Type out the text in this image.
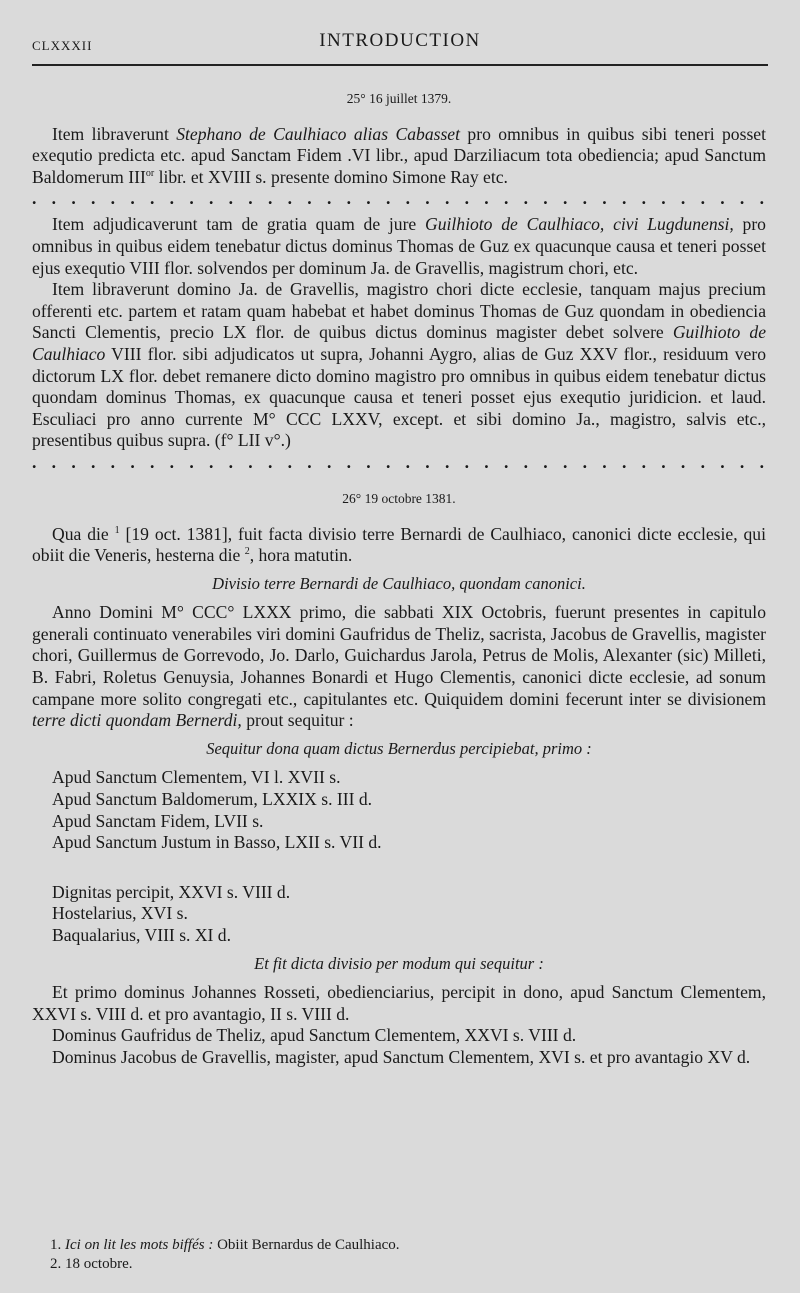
CLXXXII	INTRODUCTION

25° 16 juillet 1379.

Item libraverunt Stephano de Caulhiaco alias Cabasset pro omnibus in quibus sibi teneri posset exequtio predicta etc. apud Sanctam Fidem .VI libr., apud Darziliacum tota obediencia; apud Sanctum Baldomerum $III^{or}$ libr. et XVIII s. presente domino Simone Ray etc.

. . . . . . . . . . . . . . . . . . . . . . . . . . . . . . . . . . . . . .

Item adjudicaverunt tam de gratia quam de jure Guilhioto de Caulhiaco, civi Lugdunensi, pro omnibus in quibus eidem tenebatur dictus dominus Thomas de Guz ex quacunque causa et teneri posset ejus exequtio VIII flor. solvendos per dominum Ja. de Gravellis, magistrum chori, etc.

Item libraverunt domino Ja. de Gravellis, magistro chori dicte ecclesie, tanquam majus precium offerenti etc. partem et ratam quam habebat et habet dominus Thomas de Guz quondam in obediencia Sancti Clementis, precio LX flor. de quibus dictus dominus magister debet solvere Guilhioto de Caulhiaco VIII flor. sibi adjudicatos ut supra, Johanni Aygro, alias de Guz XXV flor., residuum vero dictorum LX flor. debet remanere dicto domino magistro pro omnibus in quibus eidem tenebatur dictus quondam dominus Thomas, ex quacunque causa et teneri posset ejus exequtio juridicion. et laud. Esculiaci pro anno currente M° CCC LXXV, except. et sibi domino Ja., magistro, salvis etc., presentibus quibus supra. (f° LII v°.)

. . . . . . . . . . . . . . . . . . . . . . . . . . . . . . . . . . . . . .

26° 19 octobre 1381.

Qua die $^1$ [19 oct. 1381], fuit facta divisio terre Bernardi de Caulhiaco, canonici dicte ecclesie, qui obiit die Veneris, hesterna die $^2$, hora matutin.

Divisio terre Bernardi de Caulhiaco, quondam canonici.

Anno Domini M° CCC° LXXX primo, die sabbati XIX Octobris, fuerunt presentes in capitulo generali continuato venerabiles viri domini Gaufridus de Theliz, sacrista, Jacobus de Gravellis, magister chori, Guillermus de Gorrevodo, Jo. Darlo, Guichardus Jarola, Petrus de Molis, Alexanter (sic) Milleti, B. Fabri, Roletus Genuysia, Johannes Bonardi et Hugo Clementis, canonici dicte ecclesie, ad sonum campane more solito congregati etc., capitulantes etc. Quiquidem domini fecerunt inter se divisionem terre dicti quondam Bernerdi, prout sequitur :

Sequitur dona quam dictus Bernerdus percipiebat, primo :

Apud Sanctum Clementem, VI l. XVII s.

Apud Sanctum Baldomerum, LXXIX s. III d.

Apud Sanctam Fidem, LVII s.

Apud Sanctum Justum in Basso, LXII s. VII d.

Dignitas percipit, XXVI s. VIII d.

Hostelarius, XVI s.

Baqualarius, VIII s. XI d.

Et fit dicta divisio per modum qui sequitur :

Et primo dominus Johannes Rosseti, obedienciarius, percipit in dono, apud Sanctum Clementem, XXVI s. VIII d. et pro avantagio, II s. VIII d.

Dominus Gaufridus de Theliz, apud Sanctum Clementem, XXVI s. VIII d.

Dominus Jacobus de Gravellis, magister, apud Sanctum Clementem, XVI s. et pro avantagio XV d.

1. Ici on lit les mots biffés : Obiit Bernardus de Caulhiaco.
2. 18 octobre.
